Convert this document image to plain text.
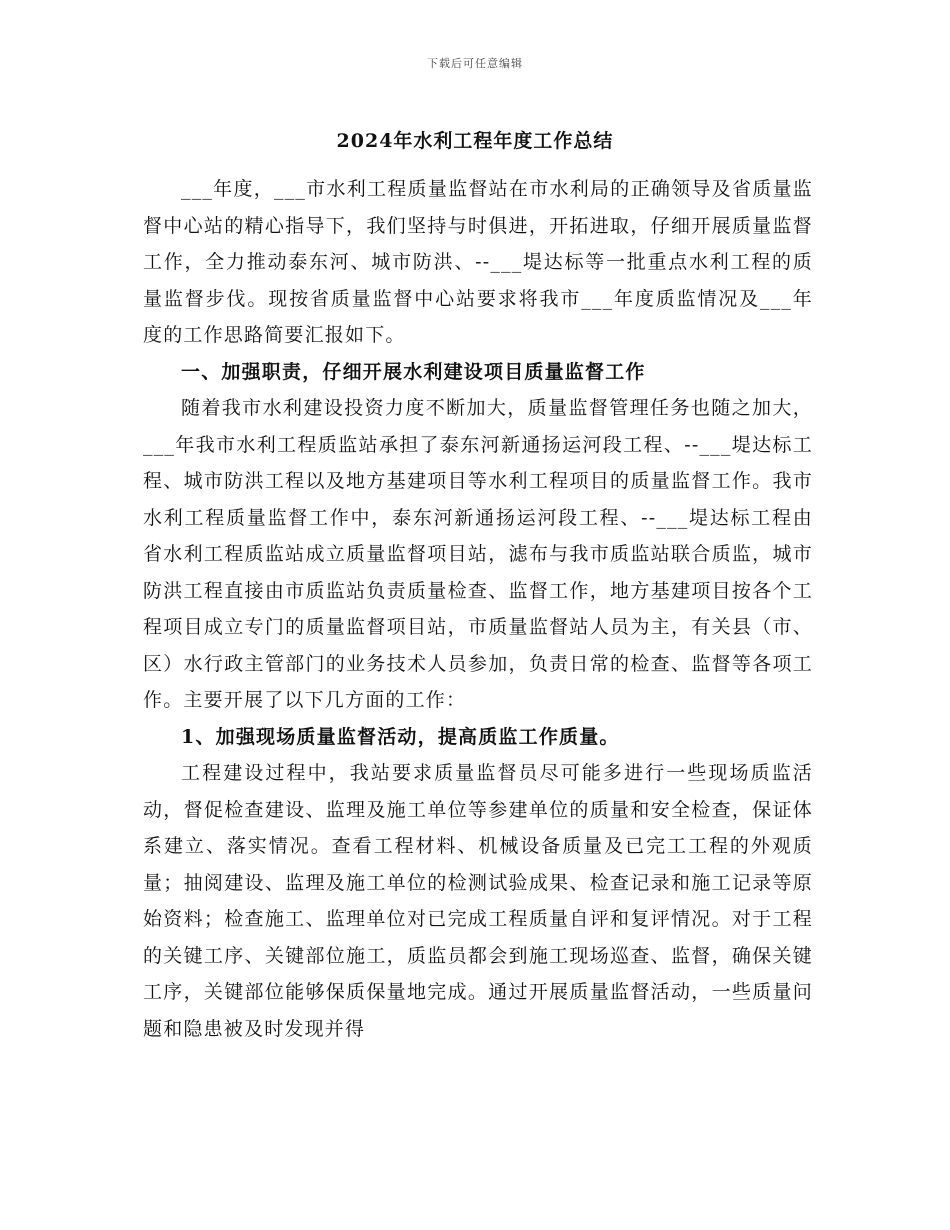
下载后可任意编辑
2024年水利工程年度工作总结

___年度，___市水利工程质量监督站在市水利局的正确领导及省质量监督中心站的精心指导下，我们坚持与时俱进，开拓进取，仔细开展质量监督工作，全力推动泰东河、城市防洪、--___堤达标等一批重点水利工程的质量监督步伐。现按省质量监督中心站要求将我市___年度质监情况及___年度的工作思路简要汇报如下。

一、加强职责，仔细开展水利建设项目质量监督工作

随着我市水利建设投资力度不断加大，质量监督管理任务也随之加大，___年我市水利工程质监站承担了泰东河新通扬运河段工程、--___堤达标工程、城市防洪工程以及地方基建项目等水利工程项目的质量监督工作。我市水利工程质量监督工作中，泰东河新通扬运河段工程、--___堤达标工程由省水利工程质监站成立质量监督项目站，滤布与我市质监站联合质监，城市防洪工程直接由市质监站负责质量检查、监督工作，地方基建项目按各个工程项目成立专门的质量监督项目站，市质量监督站人员为主，有关县（市、区）水行政主管部门的业务技术人员参加，负责日常的检查、监督等各项工作。主要开展了以下几方面的工作：

1、加强现场质量监督活动，提高质监工作质量。

工程建设过程中，我站要求质量监督员尽可能多进行一些现场质监活动，督促检查建设、监理及施工单位等参建单位的质量和安全检查，保证体系建立、落实情况。查看工程材料、机械设备质量及已完工工程的外观质量；抽阅建设、监理及施工单位的检测试验成果、检查记录和施工记录等原始资料；检查施工、监理单位对已完成工程质量自评和复评情况。对于工程的关键工序、关键部位施工，质监员都会到施工现场巡查、监督，确保关键工序，关键部位能够保质保量地完成。通过开展质量监督活动，一些质量问题和隐患被及时发现并得
